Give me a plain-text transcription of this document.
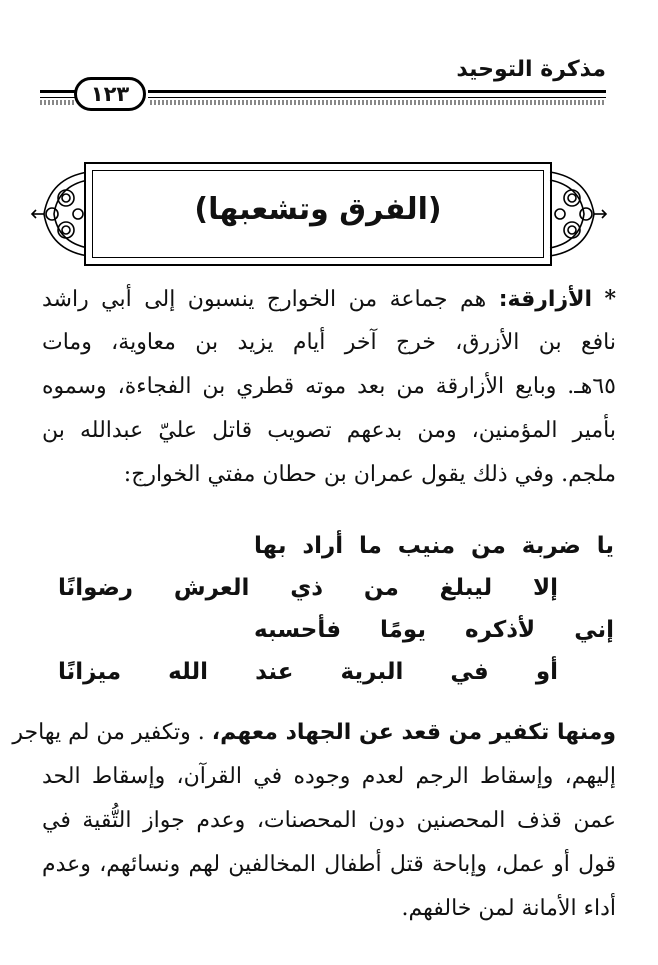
مذكرة التوحيد
١٢٣
(الفرق وتشعبها)
* الأزارقة: هم جماعة من الخوارج ينسبون إلى أبي راشد
نافع بن الأزرق، خرج آخر أيام يزيد بن معاوية، ومات
٦٥هـ. وبايع الأزارقة من بعد موته قطري بن الفجاءة، وسموه
بأمير المؤمنين، ومن بدعهم تصويب قاتل عليّ عبدالله بن
ملجم. وفي ذلك يقول عمران بن حطان مفتي الخوارج:
يا ضربة من منيب ما أراد بها
إلا ليبلغ من ذي العرش رضوانًا
إني لأذكره يومًا فأحسبه
أو في البرية عند الله ميزانًا
ومنها تكفير من قعد عن الجهاد معهم، . وتكفير من لم يهاجر
إليهم، وإسقاط الرجم لعدم وجوده في القرآن، وإسقاط الحد
عمن قذف المحصنين دون المحصنات، وعدم جواز التُّقية في
قول أو عمل، وإباحة قتل أطفال المخالفين لهم ونسائهم، وعدم
أداء الأمانة لمن خالفهم.
